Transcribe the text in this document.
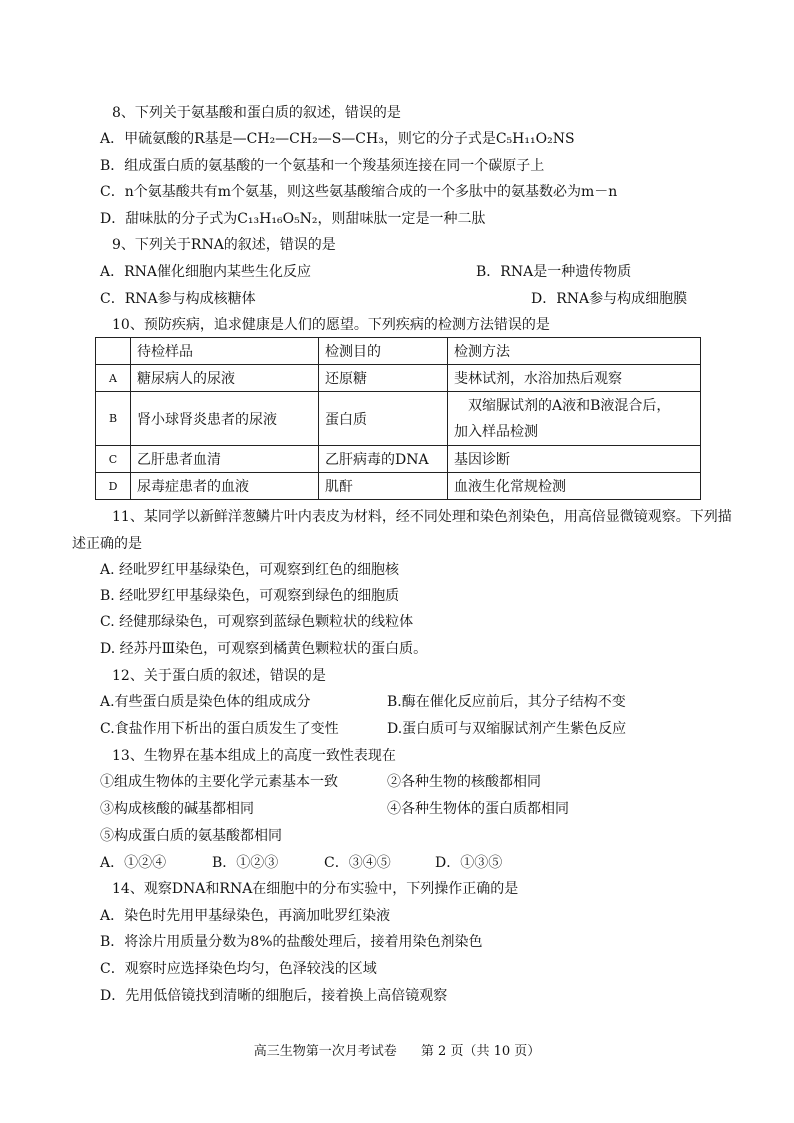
8、下列关于氨基酸和蛋白质的叙述，错误的是
A．甲硫氨酸的R基是—CH₂—CH₂—S—CH₃，则它的分子式是C₅H₁₁O₂NS
B．组成蛋白质的氨基酸的一个氨基和一个羧基须连接在同一个碳原子上
C．n个氨基酸共有m个氨基，则这些氨基酸缩合成的一个多肽中的氨基数必为m－n
D．甜味肽的分子式为C₁₃H₁₆O₅N₂，则甜味肽一定是一种二肽
9、下列关于RNA的叙述，错误的是
A．RNA催化细胞内某些生化反应	B．RNA是一种遗传物质
C．RNA参与构成核糖体	D．RNA参与构成细胞膜
10、预防疾病，追求健康是人们的愿望。下列疾病的检测方法错误的是
	待检样品	检测目的	检测方法
A	糖尿病人的尿液	还原糖	斐林试剂，水浴加热后观察
B	肾小球肾炎患者的尿液	蛋白质	双缩脲试剂的A液和B液混合后，
加入样品检测

C	乙肝患者血清	乙肝病毒的DNA	基因诊断
D	尿毒症患者的血液	肌酐	血液生化常规检测
11、某同学以新鲜洋葱鳞片叶内表皮为材料，经不同处理和染色剂染色，用高倍显微镜观察。下列描
述正确的是
A. 经吡罗红甲基绿染色，可观察到红色的细胞核
B. 经吡罗红甲基绿染色，可观察到绿色的细胞质
C. 经健那绿染色，可观察到蓝绿色颗粒状的线粒体
D. 经苏丹Ⅲ染色，可观察到橘黄色颗粒状的蛋白质。
12、关于蛋白质的叙述，错误的是
A.有些蛋白质是染色体的组成成分	B.酶在催化反应前后，其分子结构不变
C.食盐作用下析出的蛋白质发生了变性	D.蛋白质可与双缩脲试剂产生紫色反应
13、生物界在基本组成上的高度一致性表现在
①组成生物体的主要化学元素基本一致	②各种生物的核酸都相同
③构成核酸的碱基都相同	④各种生物体的蛋白质都相同
⑤构成蛋白质的氨基酸都相同
A．①②④	B．①②③	C．③④⑤	D．①③⑤
14、观察DNA和RNA在细胞中的分布实验中，下列操作正确的是
A．染色时先用甲基绿染色，再滴加吡罗红染液
B．将涂片用质量分数为8%的盐酸处理后，接着用染色剂染色
C．观察时应选择染色均匀，色泽较浅的区域
D．先用低倍镜找到清晰的细胞后，接着换上高倍镜观察
高三生物第一次月考试卷 第 2 页（共 10 页）
